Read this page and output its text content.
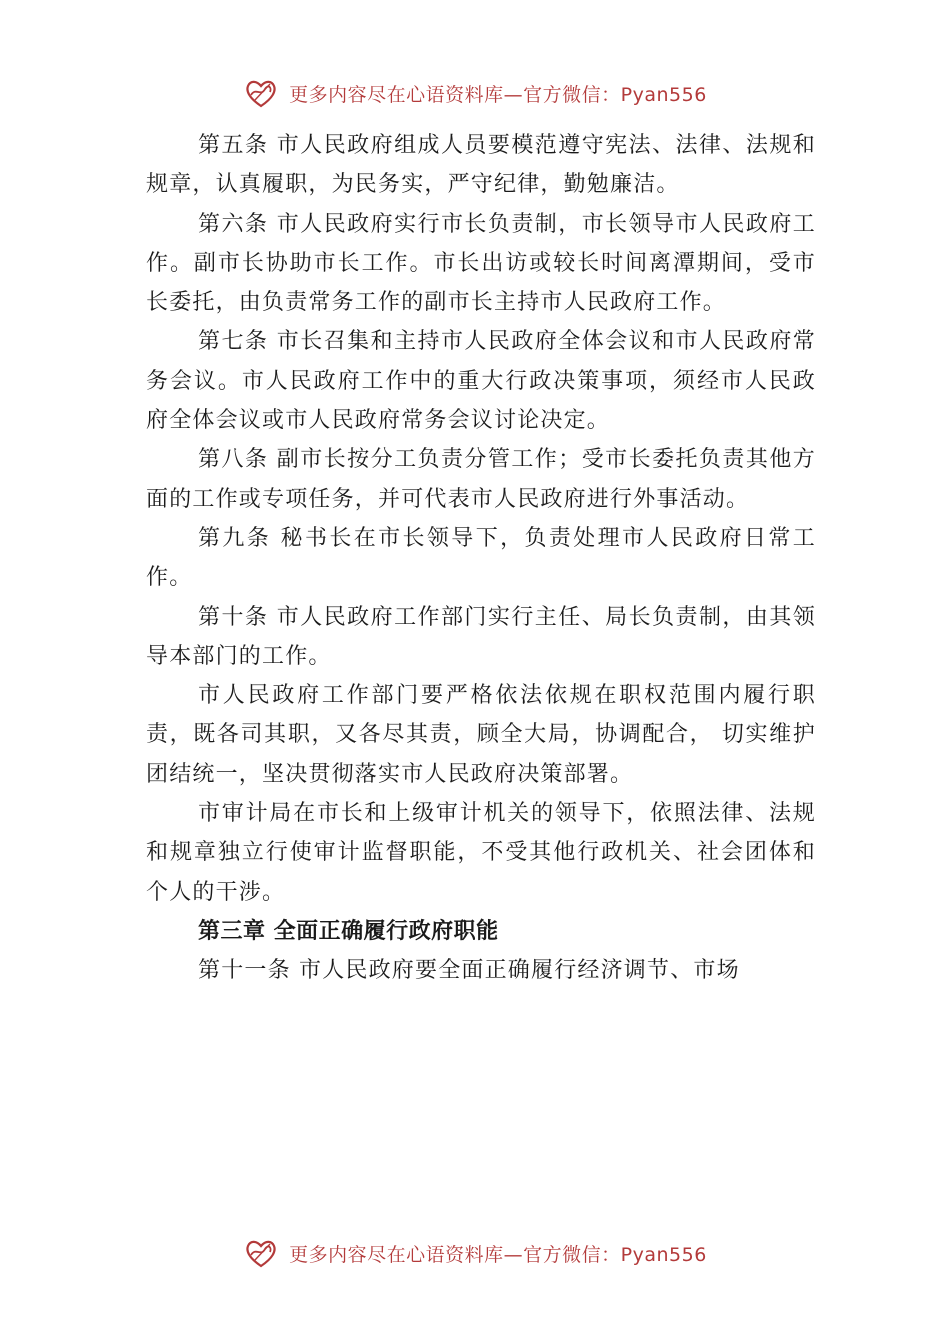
更多内容尽在心语资料库—官方微信：Pyan556

第五条 市人民政府组成人员要模范遵守宪法、法律、法规和规章，认真履职，为民务实，严守纪律，勤勉廉洁。

第六条 市人民政府实行市长负责制，市长领导市人民政府工作。副市长协助市长工作。市长出访或较长时间离潭期间，受市长委托，由负责常务工作的副市长主持市人民政府工作。

第七条 市长召集和主持市人民政府全体会议和市人民政府常务会议。市人民政府工作中的重大行政决策事项，须经市人民政府全体会议或市人民政府常务会议讨论决定。

第八条 副市长按分工负责分管工作；受市长委托负责其他方面的工作或专项任务，并可代表市人民政府进行外事活动。

第九条 秘书长在市长领导下，负责处理市人民政府日常工作。

第十条 市人民政府工作部门实行主任、局长负责制，由其领导本部门的工作。

市人民政府工作部门要严格依法依规在职权范围内履行职责，既各司其职，又各尽其责，顾全大局，协调配合， 切实维护团结统一，坚决贯彻落实市人民政府决策部署。

市审计局在市长和上级审计机关的领导下，依照法律、法规和规章独立行使审计监督职能，不受其他行政机关、社会团体和个人的干涉。

第三章 全面正确履行政府职能

第十一条 市人民政府要全面正确履行经济调节、市场

更多内容尽在心语资料库—官方微信：Pyan556
